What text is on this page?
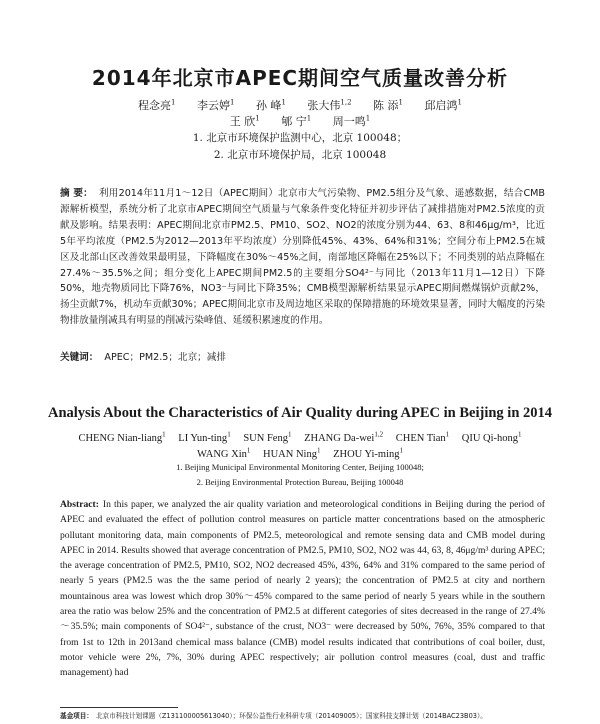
2014年北京市APEC期间空气质量改善分析
程念亮$^1$ 李云婷$^1$ 孙 峰$^1$ 张大伟$^{1,2}$ 陈 添$^1$ 邱启鸿$^1$
王 欣$^1$ 郇 宁$^1$ 周一鸣$^1$
1. 北京市环境保护监测中心，北京 100048；
2. 北京市环境保护局，北京 100048
摘 要： 利用2014年11月1～12日（APEC期间）北京市大气污染物、PM2.5组分及气象、遥感数据，结合CMB源解析模型，系统分析了北京市APEC期间空气质量与气象条件变化特征并初步评估了减排措施对PM2.5浓度的贡献及影响。结果表明：APEC期间北京市PM2.5、PM10、SO2、NO2的浓度分别为44、63、8和46μg/m³，比近5年平均浓度（PM2.5为2012—2013年平均浓度）分别降低45%、43%、64%和31%；空间分布上PM2.5在城区及北部山区改善效果最明显，下降幅度在30%～45%之间，南部地区降幅在25%以下；不同类别的站点降幅在27.4%～35.5%之间；组分变化上APEC期间PM2.5的主要组分SO4²⁻与同比（2013年11月1—12日）下降50%，地壳物质同比下降76%，NO3⁻与同比下降35%；CMB模型源解析结果显示APEC期间燃煤锅炉贡献2%，扬尘贡献7%，机动车贡献30%；APEC期间北京市及周边地区采取的保障措施的环境效果显著，同时大幅度的污染物排放量削减具有明显的削减污染峰值、延缓积累速度的作用。
关键词： APEC；PM2.5；北京；减排
Analysis About the Characteristics of Air Quality during APEC in Beijing in 2014
CHENG Nian-liang$^1$ LI Yun-ting$^1$ SUN Feng$^1$ ZHANG Da-wei$^{1,2}$ CHEN Tian$^1$ QIU Qi-hong$^1$
WANG Xin$^1$ HUAN Ning$^1$ ZHOU Yi-ming$^1$
1. Beijing Municipal Environmental Monitoring Center, Beijing 100048;
2. Beijing Environmental Protection Bureau, Beijing 100048
Abstract: In this paper, we analyzed the air quality variation and meteorological conditions in Beijing during the period of APEC and evaluated the effect of pollution control measures on particle matter concentrations based on the atmospheric pollutant monitoring data, main components of PM2.5, meteorological and remote sensing data and CMB model during APEC in 2014. Results showed that average concentration of PM2.5, PM10, SO2, NO2 was 44, 63, 8, 46μg/m³ during APEC; the average concentration of PM2.5, PM10, SO2, NO2 decreased 45%, 43%, 64% and 31% compared to the same period of nearly 5 years (PM2.5 was the the same period of nearly 2 years); the concentration of PM2.5 at city and northern mountainous area was lowest which drop 30%～45% compared to the same period of nearly 5 years while in the southern area the ratio was below 25% and the concentration of PM2.5 at different categories of sites decreased in the range of 27.4%～35.5%; main components of SO4²⁻, substance of the crust, NO3⁻ were decreased by 50%, 76%, 35% compared to that from 1st to 12th in 2013and chemical mass balance (CMB) model results indicated that contributions of coal boiler, dust, motor vehicle were 2%, 7%, 30% during APEC respectively; air pollution control measures (coal, dust and traffic management) had
基金项目： 北京市科技计划课题（Z131100005613040）；环保公益性行业科研专项（201409005）；国家科技支撑计划（2014BAC23B03）。
